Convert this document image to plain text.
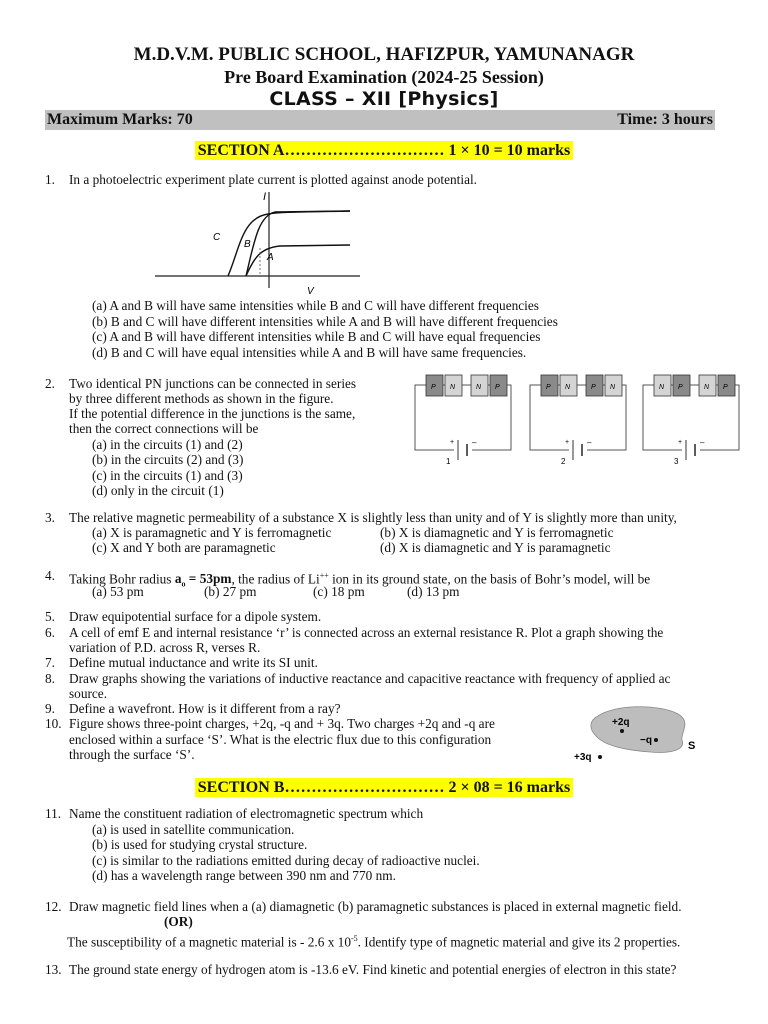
M.D.V.M. PUBLIC SCHOOL, HAFIZPUR, YAMUNANAGR
Pre Board Examination (2024-25 Session)
CLASS – XII [Physics]
Maximum Marks: 70	Time: 3 hours
SECTION A………………………… 1 × 10 = 10 marks
1. In a photoelectric experiment plate current is plotted against anode potential.
I
V
C
B
A
(a) A and B will have same intensities while B and C will have different frequencies
(b) B and C will have different intensities while A and B will have different frequencies
(c) A and B will have different intensities while B and C will have equal frequencies
(d) B and C will have equal intensities while A and B will have same frequencies.
2. Two identical PN junctions can be connected in series
by three different methods as shown in the figure.
If the potential difference in the junctions is the same,
then the correct connections will be
(a) in the circuits (1) and (2)
(b) in the circuits (2) and (3)
(c) in the circuits (1) and (3)
(d) only in the circuit (1)
P N	N P
+ –
1
P N	P N
+ –
2
N P	N P
+ –
3
3. The relative magnetic permeability of a substance X is slightly less than unity and of Y is slightly more than unity,
(a) X is paramagnetic and Y is ferromagnetic	(b) X is diamagnetic and Y is ferromagnetic
(c) X and Y both are paramagnetic	(d) X is diamagnetic and Y is paramagnetic
4. Taking Bohr radius $a_o = 53pm$, the radius of Li++ ion in its ground state, on the basis of Bohr’s model, will be
(a) 53 pm	(b) 27 pm	(c) 18 pm	(d) 13 pm
5. Draw equipotential surface for a dipole system.
6. A cell of emf E and internal resistance ‘r’ is connected across an external resistance R. Plot a graph showing the
variation of P.D. across R, verses R.
7. Define mutual inductance and write its SI unit.
8. Draw graphs showing the variations of inductive reactance and capacitive reactance with frequency of applied ac
source.
9. Define a wavefront. How is it different from a ray?
10. Figure shows three-point charges, +2q, -q and + 3q. Two charges +2q and -q are
enclosed within a surface ‘S’. What is the electric flux due to this configuration
through the surface ‘S’.
+2q
−q
+3q
S
SECTION B………………………… 2 × 08 = 16 marks
11. Name the constituent radiation of electromagnetic spectrum which
(a) is used in satellite communication.
(b) is used for studying crystal structure.
(c) is similar to the radiations emitted during decay of radioactive nuclei.
(d) has a wavelength range between 390 nm and 770 nm.
12. Draw magnetic field lines when a (a) diamagnetic (b) paramagnetic substances is placed in external magnetic field.
(OR)
The susceptibility of a magnetic material is - 2.6 x $10^{-5}$. Identify type of magnetic material and give its 2 properties.
13. The ground state energy of hydrogen atom is -13.6 eV. Find kinetic and potential energies of electron in this state?
